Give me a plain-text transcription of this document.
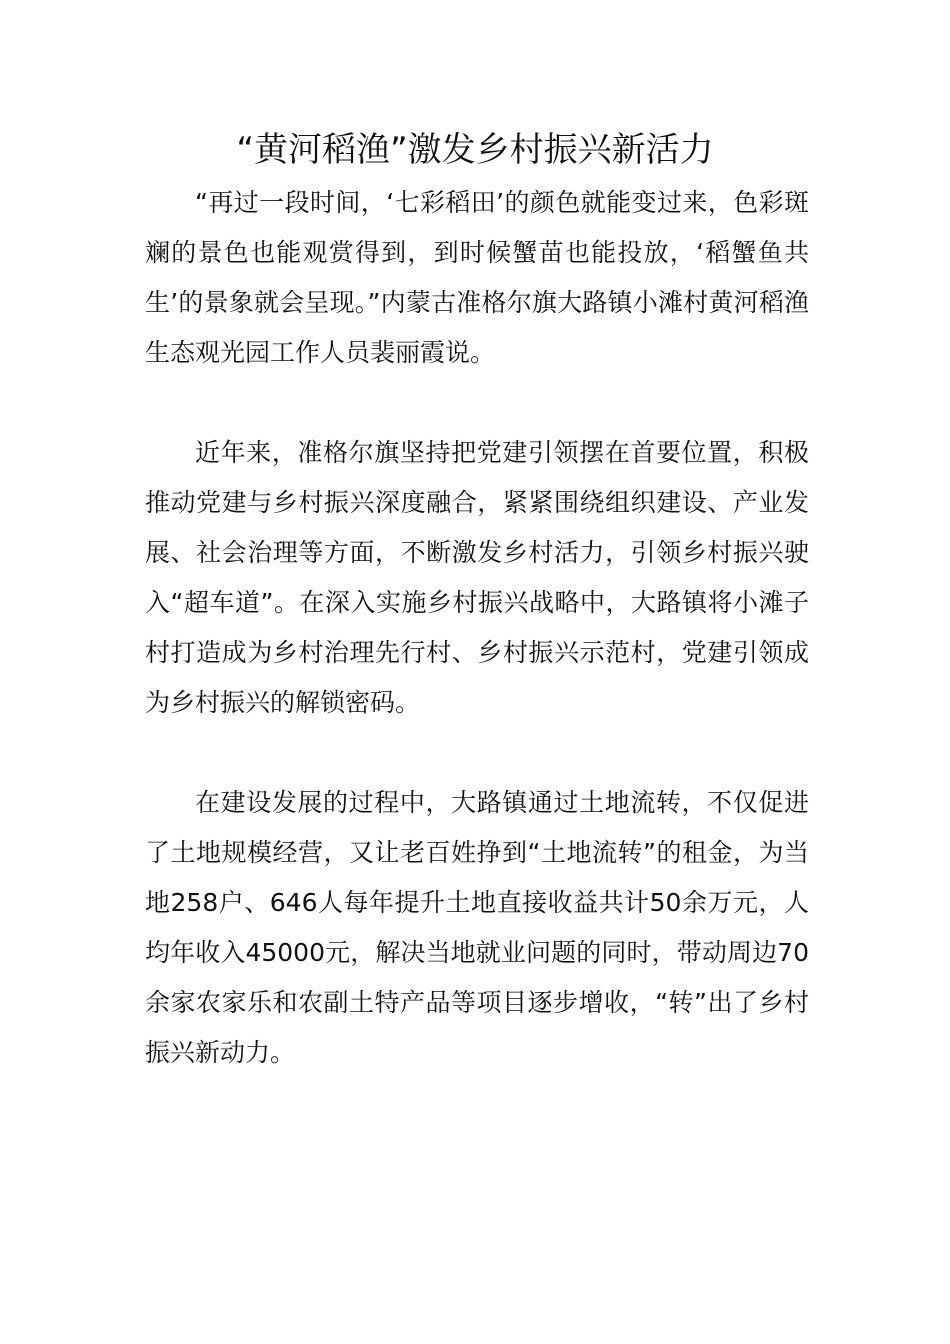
“黄河稻渔”激发乡村振兴新活力

“再过一段时间，‘七彩稻田’的颜色就能变过来，色彩斑斓的景色也能观赏得到，到时候蟹苗也能投放，‘稻蟹鱼共生’的景象就会呈现。”内蒙古准格尔旗大路镇小滩村黄河稻渔生态观光园工作人员裴丽霞说。

近年来，准格尔旗坚持把党建引领摆在首要位置，积极推动党建与乡村振兴深度融合，紧紧围绕组织建设、产业发展、社会治理等方面，不断激发乡村活力，引领乡村振兴驶入“超车道”。在深入实施乡村振兴战略中，大路镇将小滩子村打造成为乡村治理先行村、乡村振兴示范村，党建引领成为乡村振兴的解锁密码。

在建设发展的过程中，大路镇通过土地流转，不仅促进了土地规模经营，又让老百姓挣到“土地流转”的租金，为当地258户、646人每年提升土地直接收益共计50余万元，人均年收入45000元，解决当地就业问题的同时，带动周边70余家农家乐和农副土特产品等项目逐步增收，“转”出了乡村振兴新动力。
